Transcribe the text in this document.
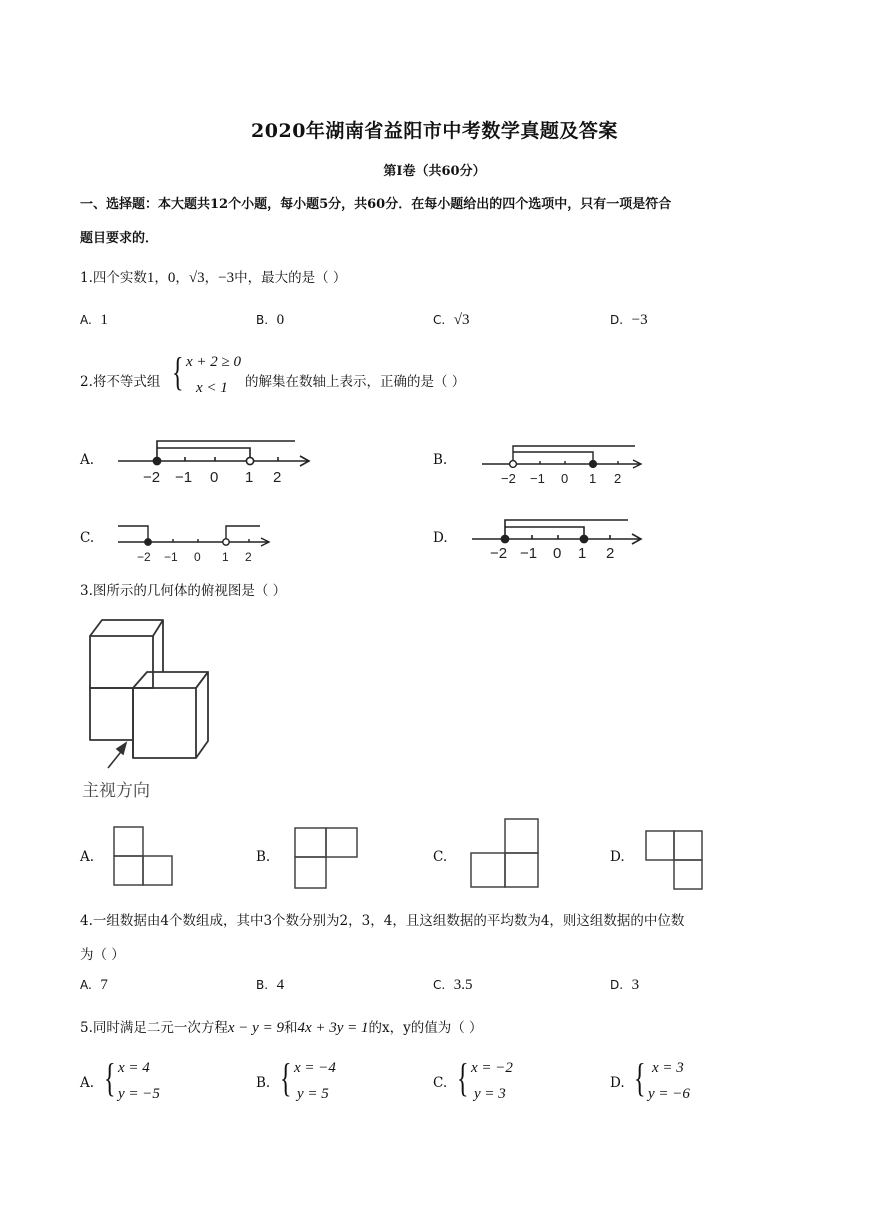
2020年湖南省益阳市中考数学真题及答案
第Ⅰ卷（共60分）
一、选择题：本大题共12个小题，每小题5分，共60分．在每小题给出的四个选项中，只有一项是符合
题目要求的．
1.四个实数1，0，√3，−3中，最大的是（ ）
A. 1	B. 0	C. √3	D. −3
2.将不等式组 { x + 2 ≥ 0
x < 1 的解集在数轴上表示，正确的是（ ）
A.	B.
C.	D.
−2 −1 0 1 2	−2 −1 0 1 2
−2 −1 0 1 2	−2 −1 0 1 2
3.图所示的几何体的俯视图是（ ）
主视方向
A.	B.	C.	D.
4.一组数据由4个数组成，其中3个数分别为2，3，4，且这组数据的平均数为4，则这组数据的中位数
为（ ）
A. 7	B. 4	C. 3.5	D. 3
5.同时满足二元一次方程x − y = 9和4x + 3y = 1的x，y的值为（ ）
A. { x = 4
y = −5
B. { x = −4
y = 5
C. { x = −2
y = 3
D. { x = 3
y = −6
